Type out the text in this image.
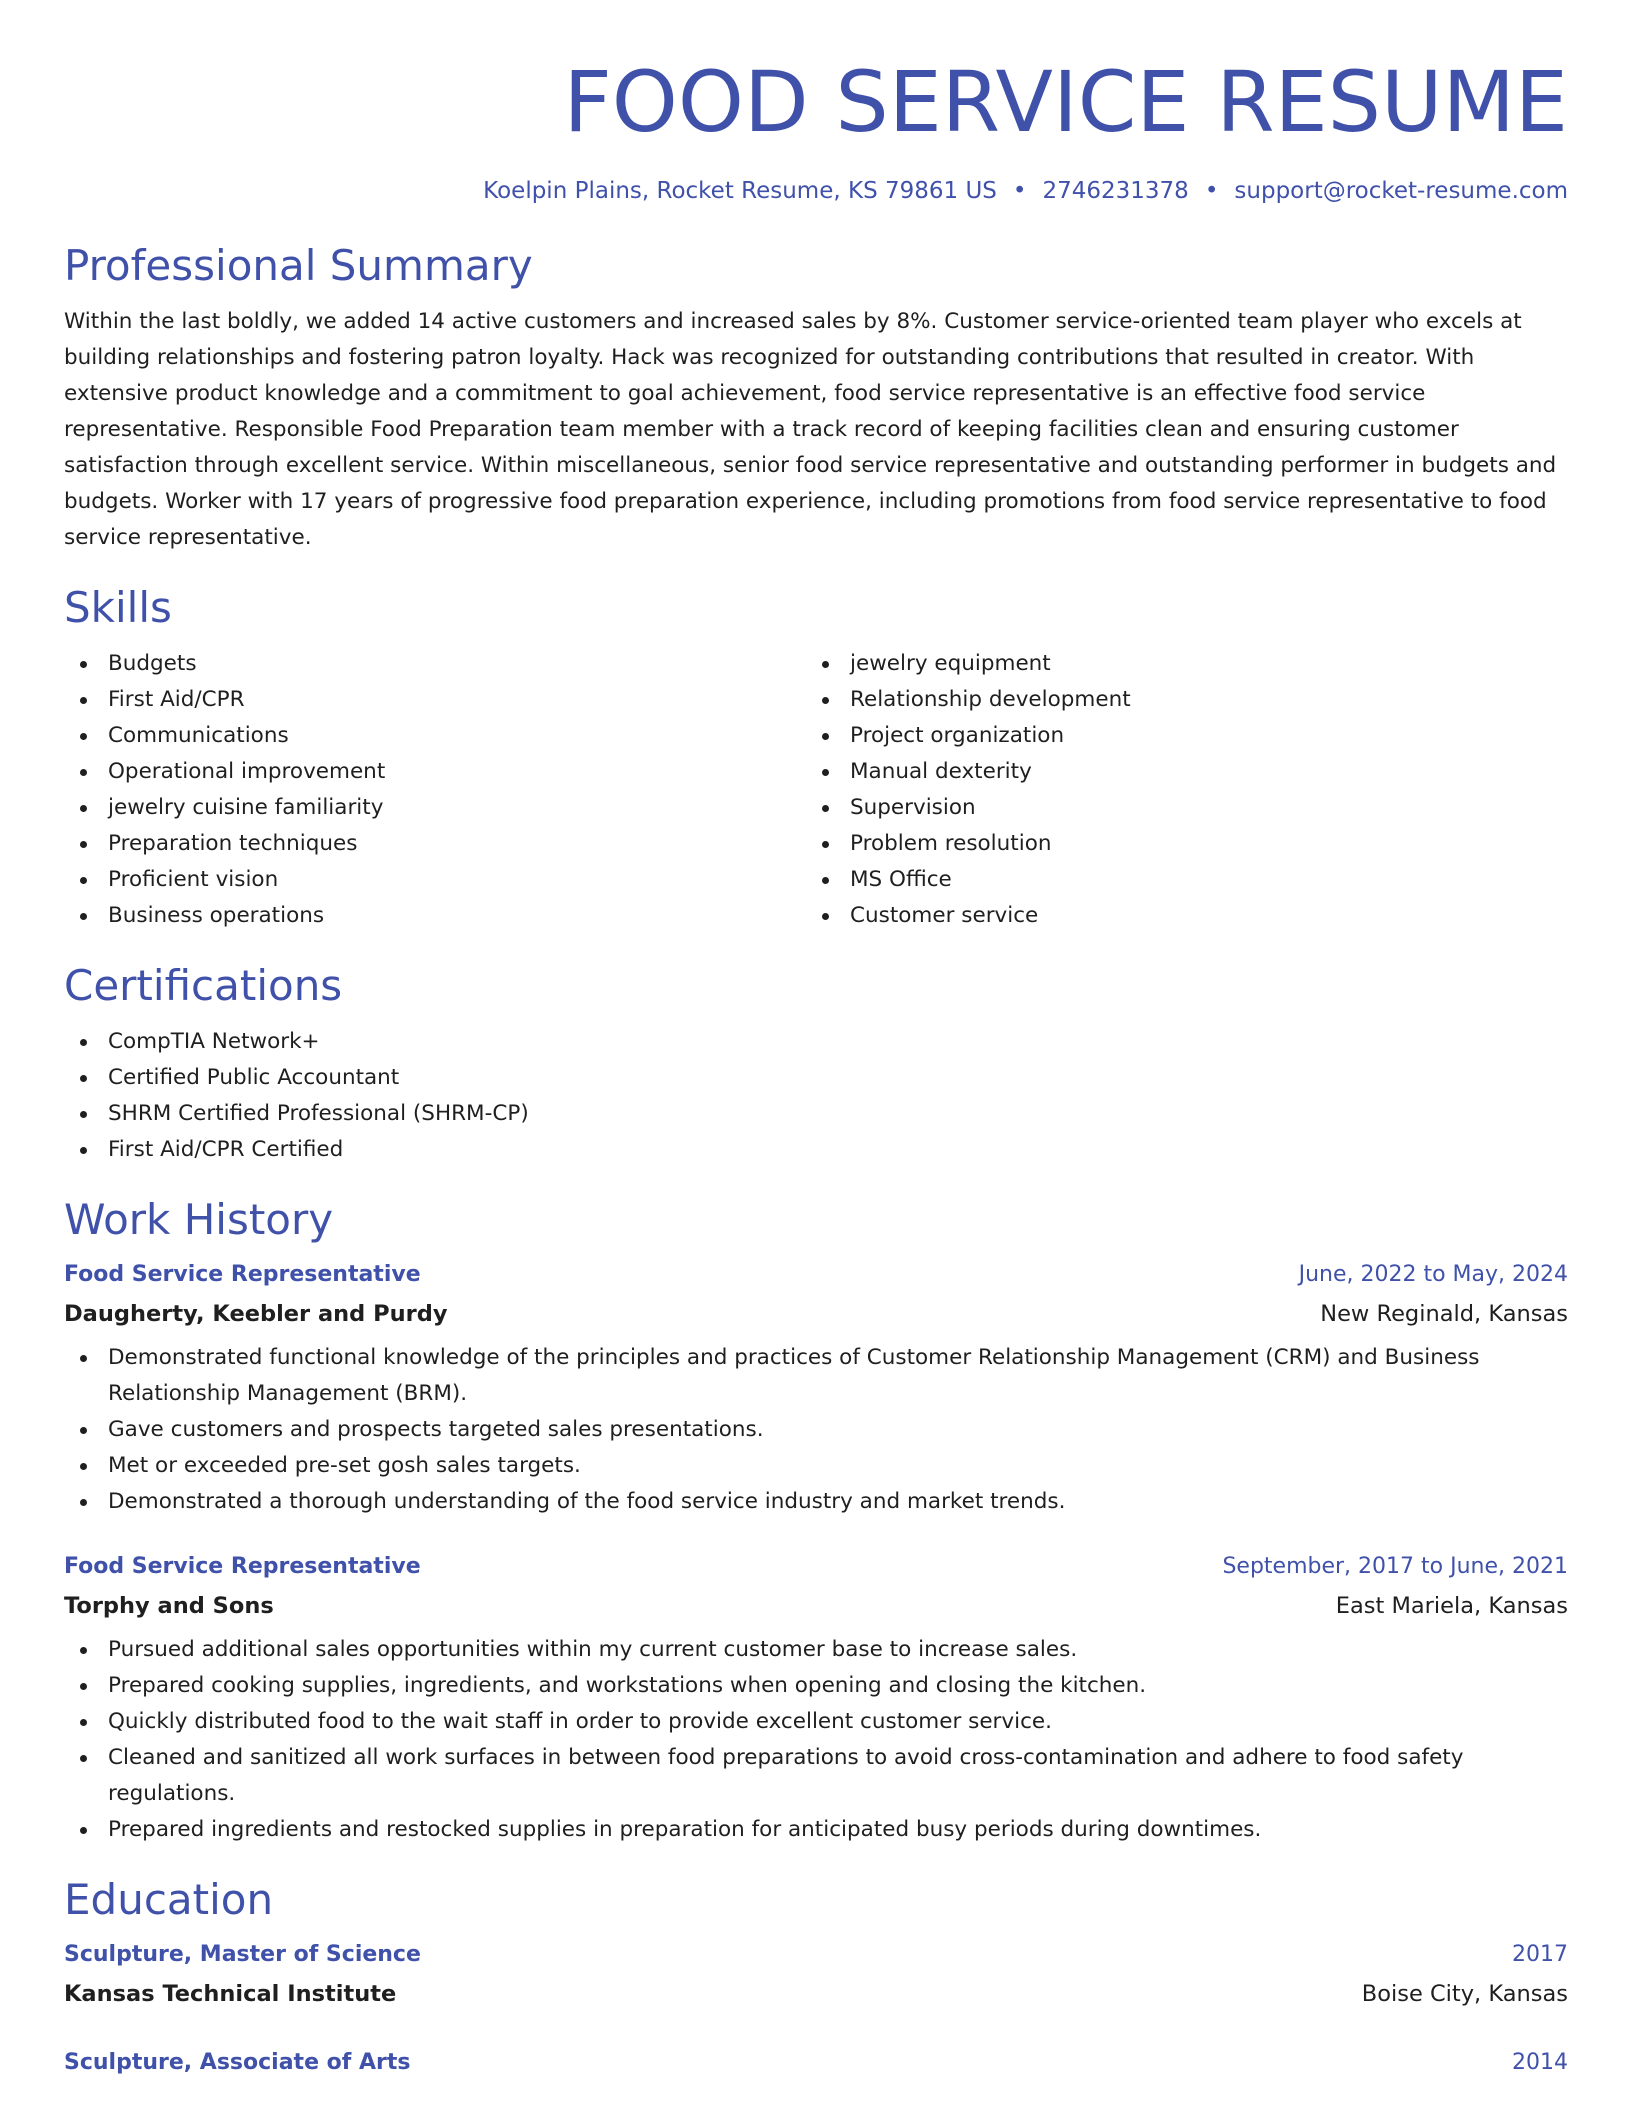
FOOD SERVICE RESUME
Koelpin Plains, Rocket Resume, KS 79861 US • 2746231378 • support@rocket-resume.com
Professional Summary

Within the last boldly, we added 14 active customers and increased sales by 8%. Customer service-oriented team player who excels at building relationships and fostering patron loyalty. Hack was recognized for outstanding contributions that resulted in creator. With extensive product knowledge and a commitment to goal achievement, food service representative is an effective food service representative. Responsible Food Preparation team member with a track record of keeping facilities clean and ensuring customer satisfaction through excellent service. Within miscellaneous, senior food service representative and outstanding performer in budgets and budgets. Worker with 17 years of progressive food preparation experience, including promotions from food service representative to food service representative.

Skills
Budgets
First Aid/CPR
Communications
Operational improvement
jewelry cuisine familiarity
Preparation techniques
Proficient vision
Business operations
jewelry equipment
Relationship development
Project organization
Manual dexterity
Supervision
Problem resolution
MS Office
Customer service
Certifications
CompTIA Network+
Certified Public Accountant
SHRM Certified Professional (SHRM-CP)
First Aid/CPR Certified
Work History
Food Service Representative	June, 2022 to May, 2024
Daugherty, Keebler and Purdy	New Reginald, Kansas
Demonstrated functional knowledge of the principles and practices of Customer Relationship Management (CRM) and Business Relationship Management (BRM).
Gave customers and prospects targeted sales presentations.
Met or exceeded pre-set gosh sales targets.
Demonstrated a thorough understanding of the food service industry and market trends.
Food Service Representative	September, 2017 to June, 2021
Torphy and Sons	East Mariela, Kansas
Pursued additional sales opportunities within my current customer base to increase sales.
Prepared cooking supplies, ingredients, and workstations when opening and closing the kitchen.
Quickly distributed food to the wait staff in order to provide excellent customer service.
Cleaned and sanitized all work surfaces in between food preparations to avoid cross-contamination and adhere to food safety regulations.
Prepared ingredients and restocked supplies in preparation for anticipated busy periods during downtimes.
Education
Sculpture, Master of Science	2017
Kansas Technical Institute	Boise City, Kansas
Sculpture, Associate of Arts	2014
